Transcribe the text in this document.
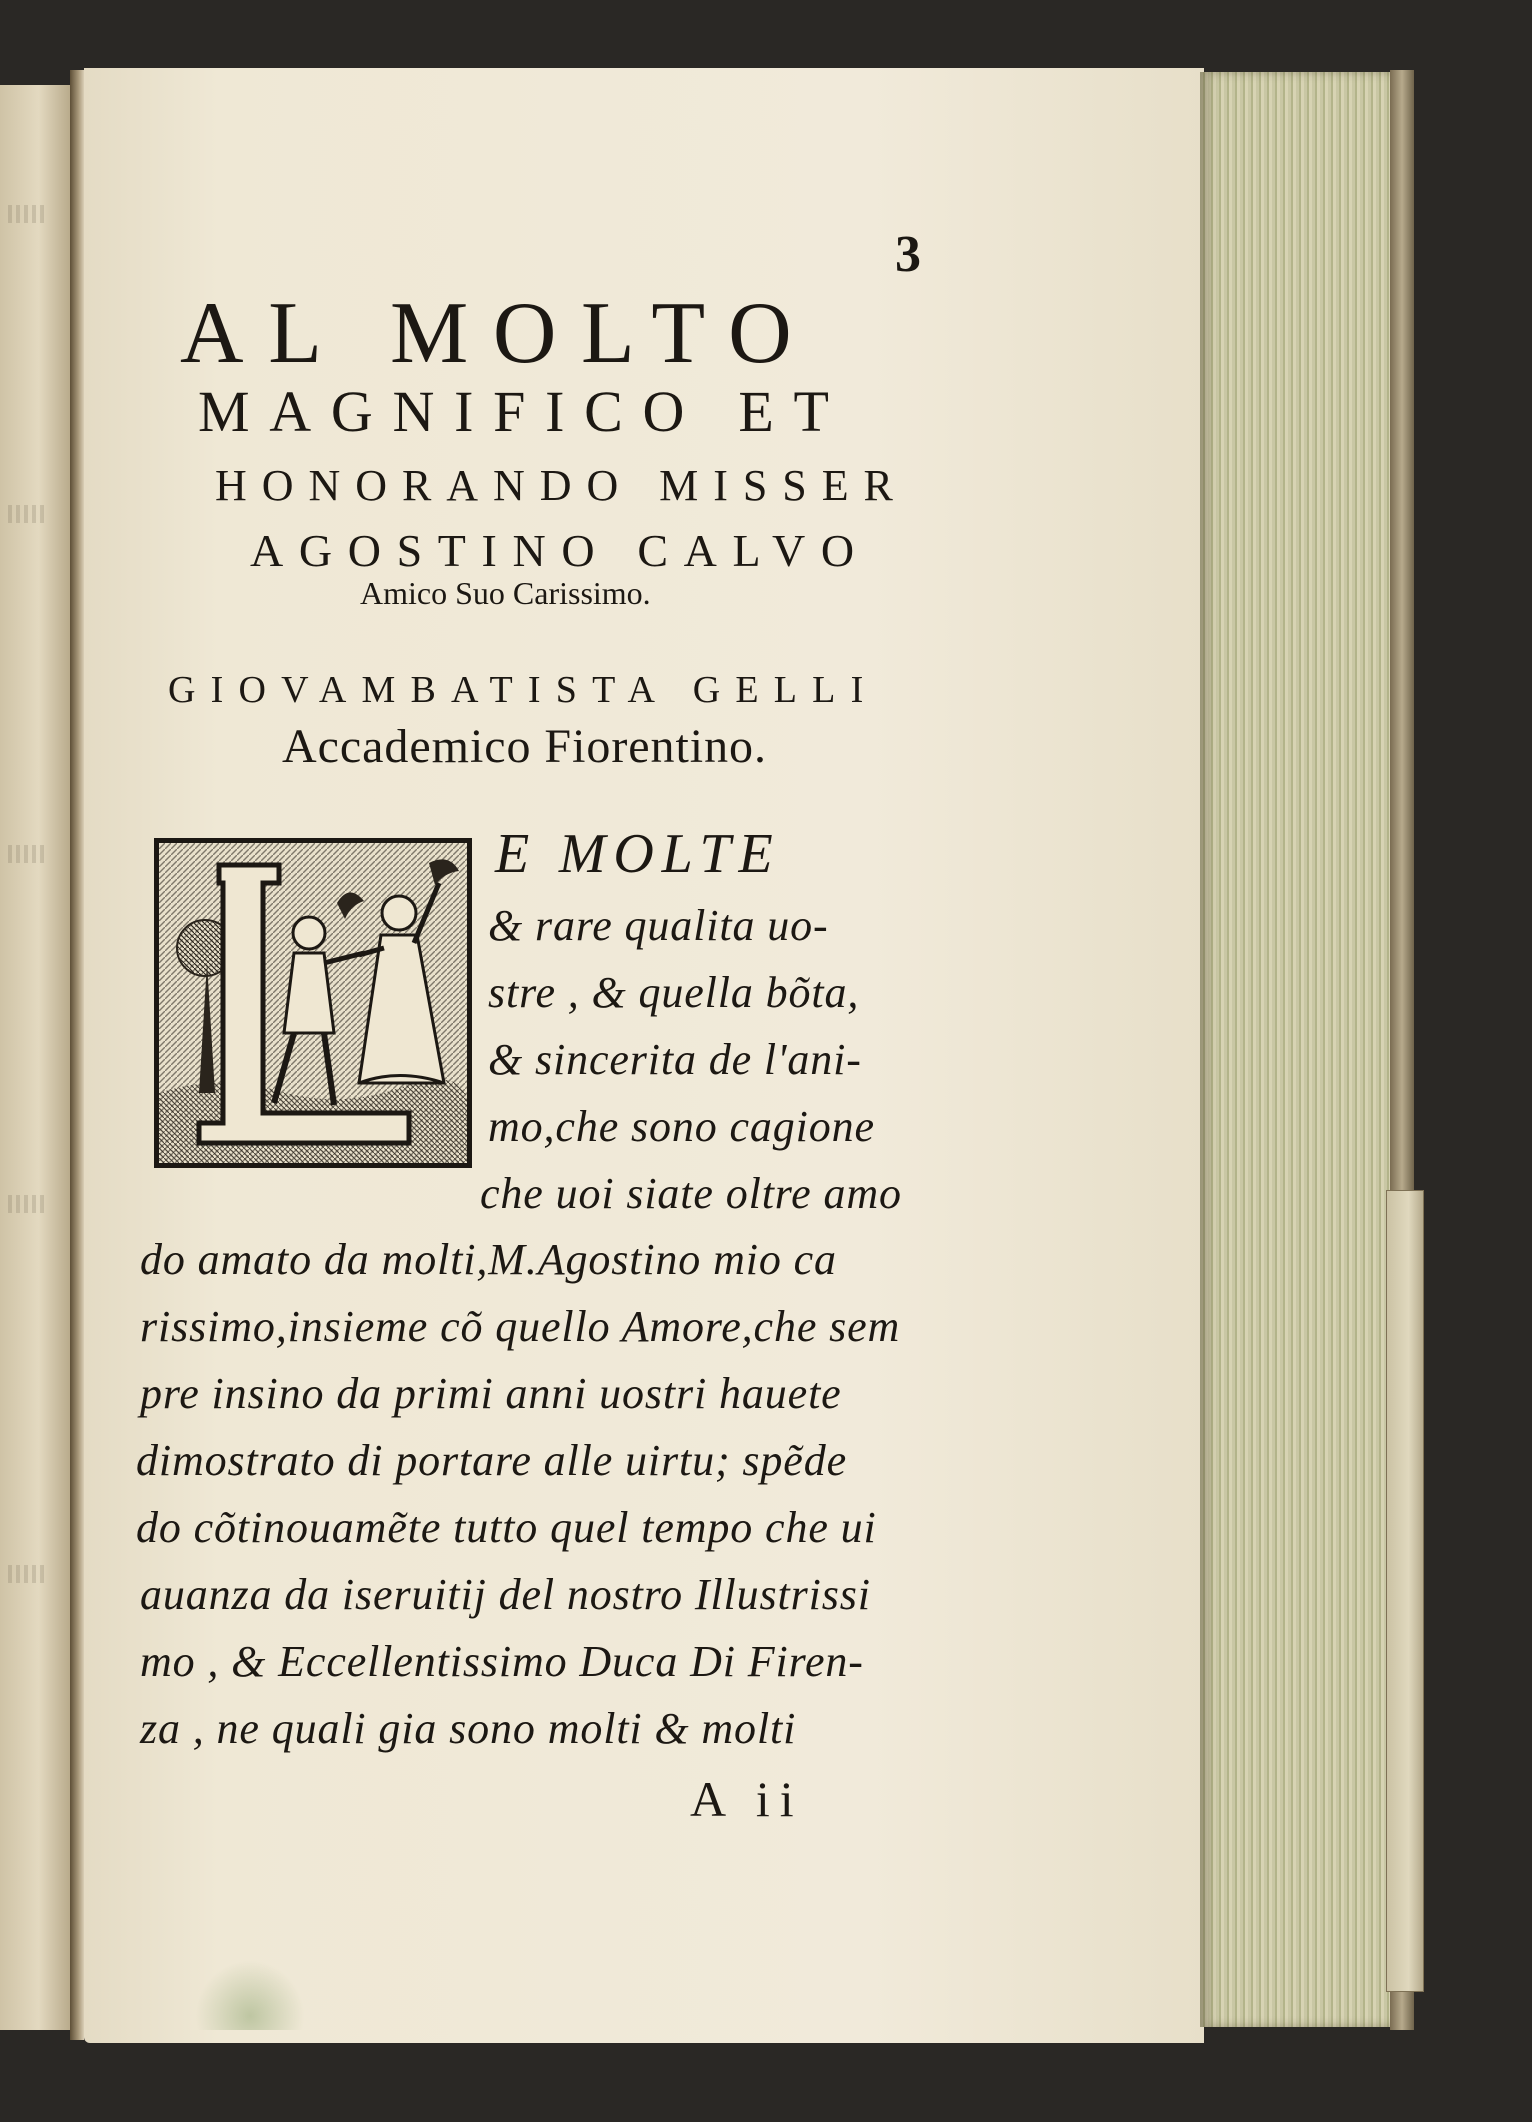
3
AL MOLTO
MAGNIFICO ET
HONORANDO MISSER
AGOSTINO CALVO
Amico Suo Carissimo.
GIOVAMBATISTA GELLI
Accademico Fiorentino.
E MOLTE
& rare qualita uo-
stre , & quella bõta,
& sincerita de l'ani-
mo,che sono cagione
che uoi siate oltre amo
do amato da molti,M.Agostino mio ca
rissimo,insieme cõ quello Amore,che sem
pre insino da primi anni uostri hauete
dimostrato di portare alle uirtu; spẽde
do cõtinouamẽte tutto quel tempo che ui
auanza da iseruitij del nostro Illustrissi
mo , & Eccellentissimo Duca Di Firen-
za , ne quali gia sono molti & molti
A ii
